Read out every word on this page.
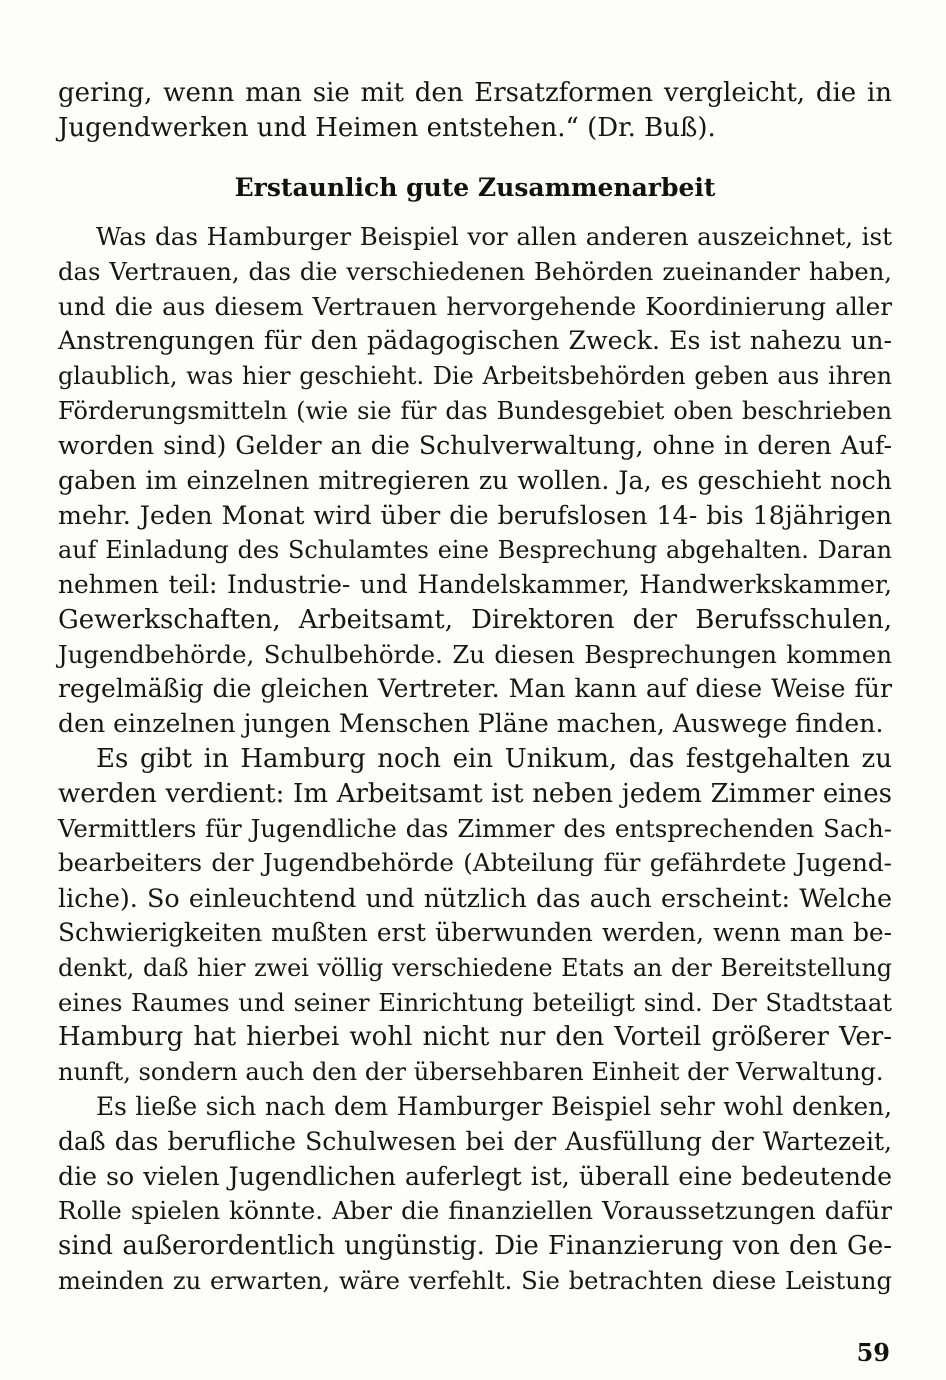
gering, wenn man sie mit den Ersatzformen vergleicht, die in
Jugendwerken und Heimen entstehen.“ (Dr. Buß).
Erstaunlich gute Zusammenarbeit
Was das Hamburger Beispiel vor allen anderen auszeichnet, ist
das Vertrauen, das die verschiedenen Behörden zueinander haben,
und die aus diesem Vertrauen hervorgehende Koordinierung aller
Anstrengungen für den pädagogischen Zweck. Es ist nahezu un-
glaublich, was hier geschieht. Die Arbeitsbehörden geben aus ihren
Förderungsmitteln (wie sie für das Bundesgebiet oben beschrieben
worden sind) Gelder an die Schulverwaltung, ohne in deren Auf-
gaben im einzelnen mitregieren zu wollen. Ja, es geschieht noch
mehr. Jeden Monat wird über die berufslosen 14- bis 18jährigen
auf Einladung des Schulamtes eine Besprechung abgehalten. Daran
nehmen teil: Industrie- und Handelskammer, Handwerkskammer,
Gewerkschaften, Arbeitsamt, Direktoren der Berufsschulen,
Jugendbehörde, Schulbehörde. Zu diesen Besprechungen kommen
regelmäßig die gleichen Vertreter. Man kann auf diese Weise für
den einzelnen jungen Menschen Pläne machen, Auswege finden.
Es gibt in Hamburg noch ein Unikum, das festgehalten zu
werden verdient: Im Arbeitsamt ist neben jedem Zimmer eines
Vermittlers für Jugendliche das Zimmer des entsprechenden Sach-
bearbeiters der Jugendbehörde (Abteilung für gefährdete Jugend-
liche). So einleuchtend und nützlich das auch erscheint: Welche
Schwierigkeiten mußten erst überwunden werden, wenn man be-
denkt, daß hier zwei völlig verschiedene Etats an der Bereitstellung
eines Raumes und seiner Einrichtung beteiligt sind. Der Stadtstaat
Hamburg hat hierbei wohl nicht nur den Vorteil größerer Ver-
nunft, sondern auch den der übersehbaren Einheit der Verwaltung.
Es ließe sich nach dem Hamburger Beispiel sehr wohl denken,
daß das berufliche Schulwesen bei der Ausfüllung der Wartezeit,
die so vielen Jugendlichen auferlegt ist, überall eine bedeutende
Rolle spielen könnte. Aber die finanziellen Voraussetzungen dafür
sind außerordentlich ungünstig. Die Finanzierung von den Ge-
meinden zu erwarten, wäre verfehlt. Sie betrachten diese Leistung
59
